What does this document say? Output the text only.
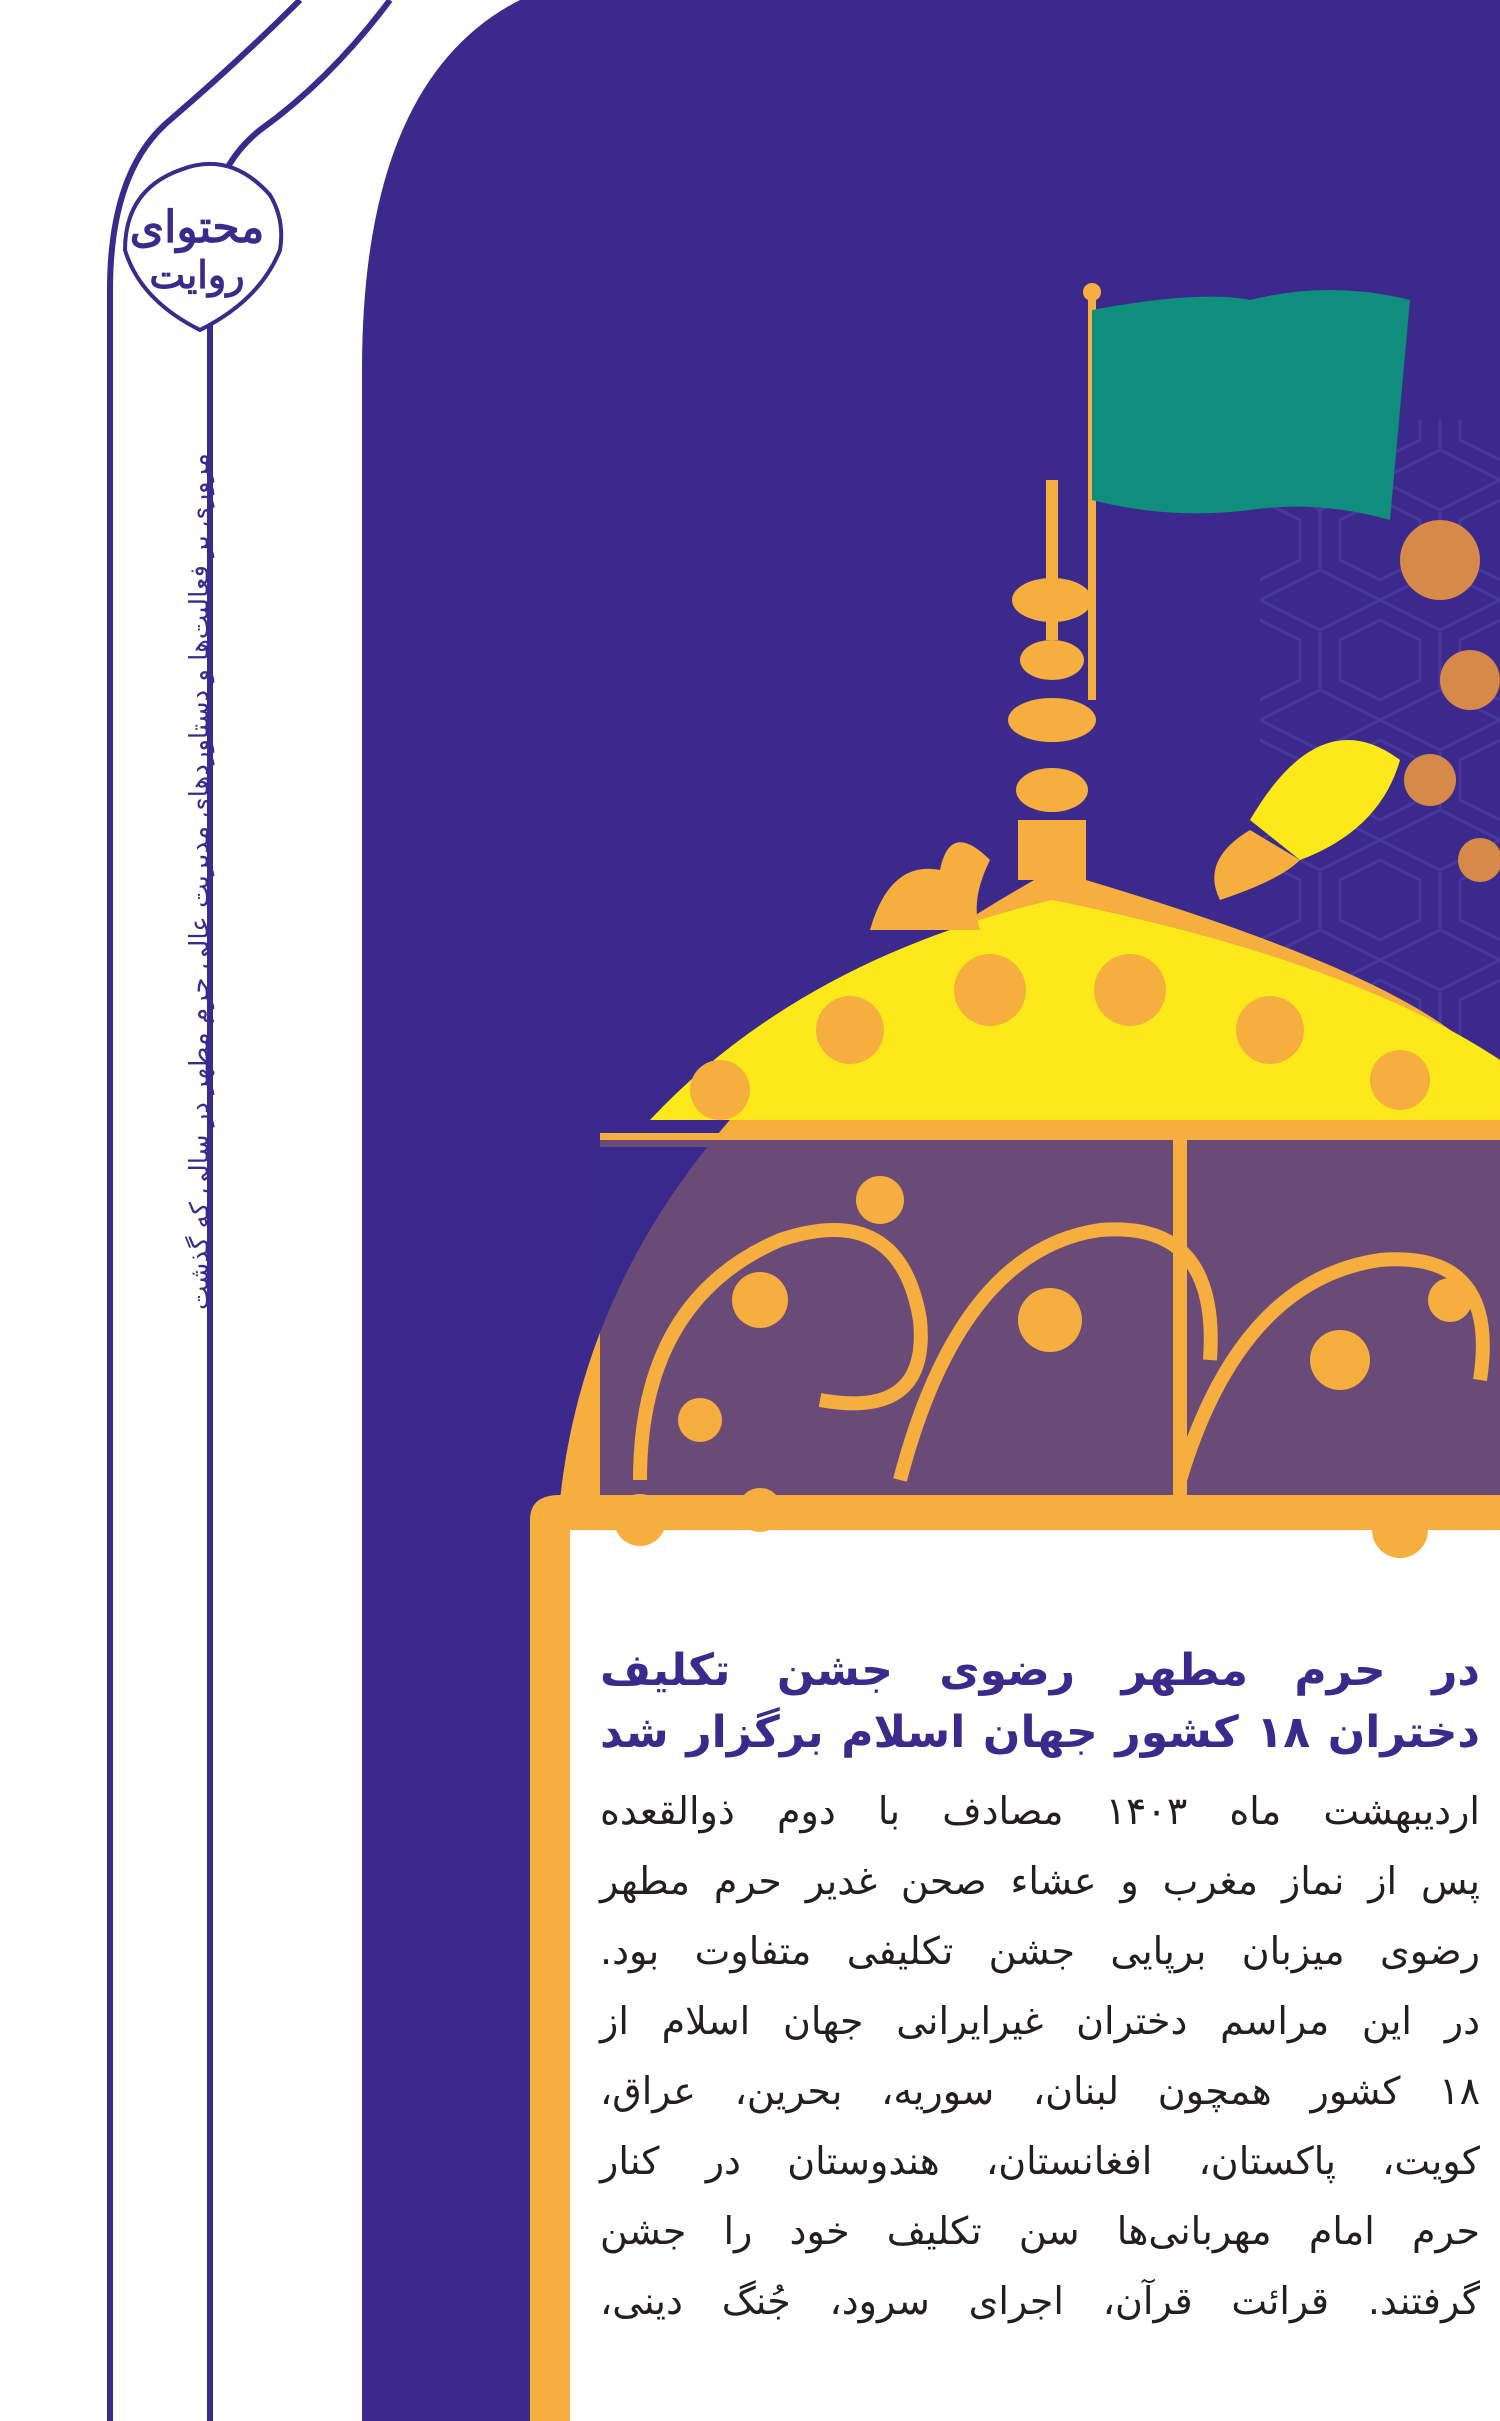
محتوای
روایت
مروری بر فعالیت‌ها و دستاوردهای مدیریت عالی حرم مطهر در سالی که گذشت
در حرم مطهر رضوی جشن تکلیف دختران ۱۸ کشور جهان اسلام برگزار شد
اردیبهشت ماه ۱۴۰۳ مصادف با دوم ذوالقعده
پس از نماز مغرب و عشاء صحن غدیر حرم مطهر
رضوی میزبان برپایی جشن تکلیفی متفاوت بود.
در این مراسم دختران غیرایرانی جهان اسلام از
۱۸ کشور همچون لبنان، سوریه، بحرین، عراق،
کویت، پاکستان، افغانستان، هندوستان در کنار
حرم امام مهربانی‌ها سن تکلیف خود را جشن
گرفتند. قرائت قرآن، اجرای سرود، جُنگ دینی،
